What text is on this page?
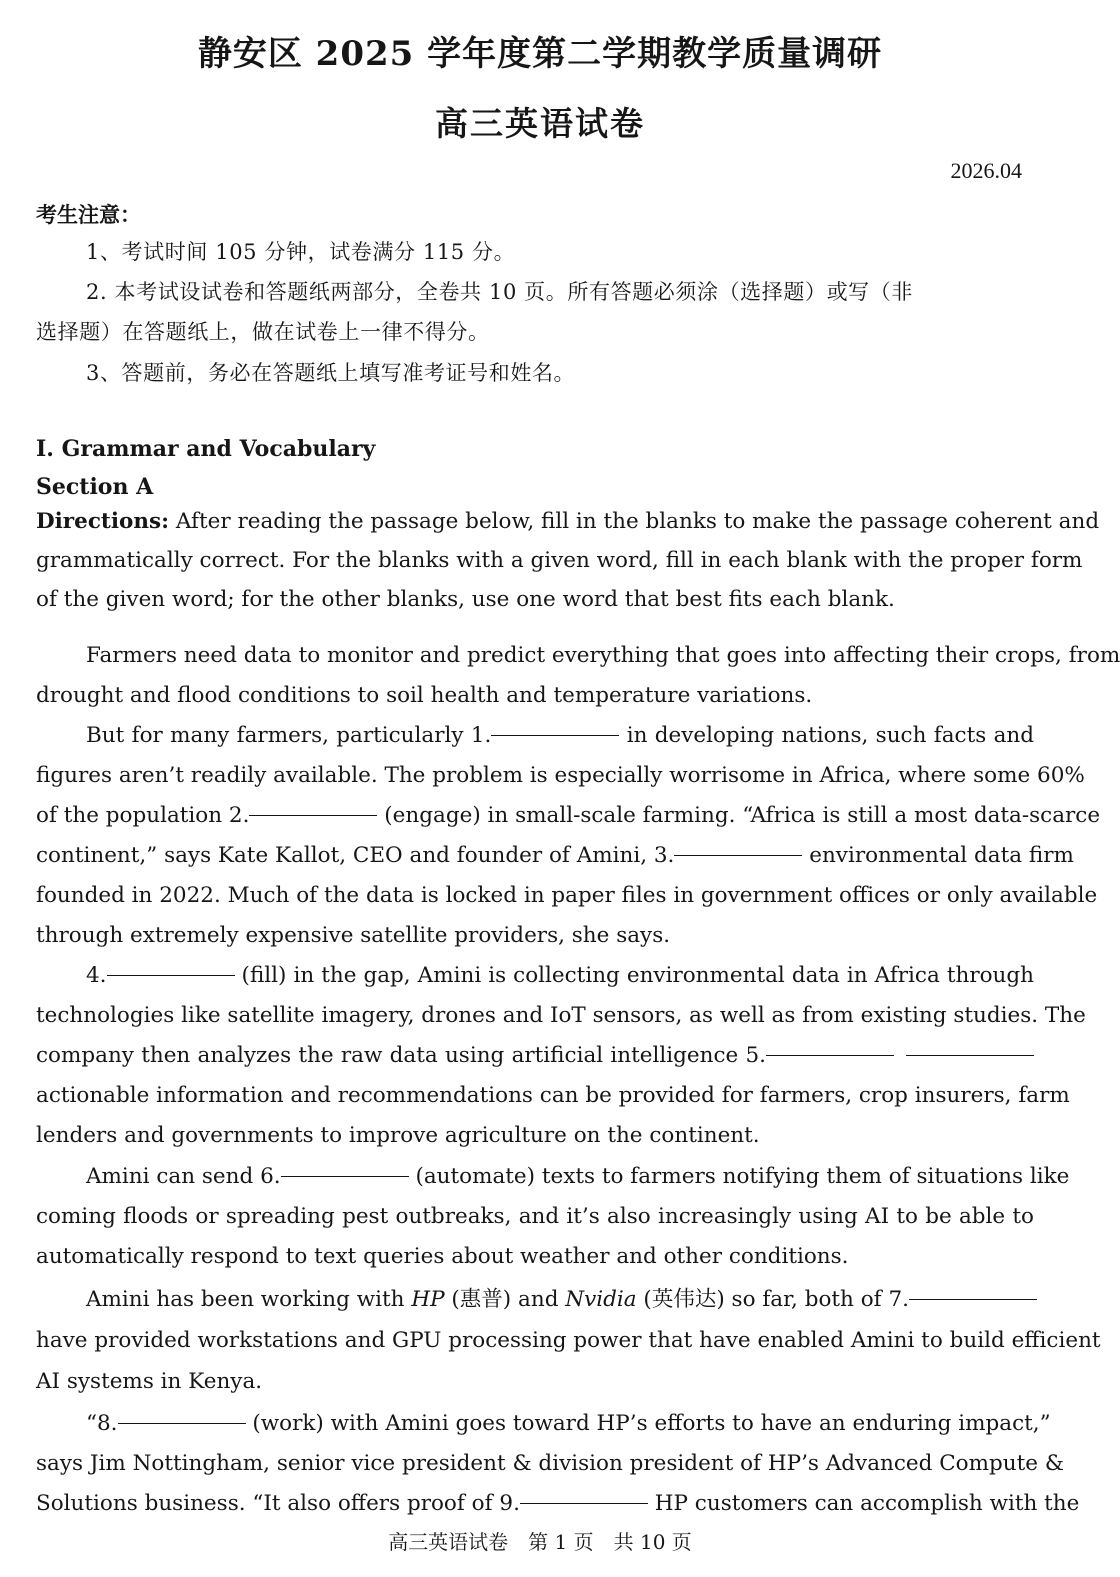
静安区 2025 学年度第二学期教学质量调研
高三英语试卷
2026.04
考生注意：
1、考试时间 105 分钟，试卷满分 115 分。
2. 本考试设试卷和答题纸两部分，全卷共 10 页。所有答题必须涂（选择题）或写（非
选择题）在答题纸上，做在试卷上一律不得分。
3、答题前，务必在答题纸上填写准考证号和姓名。
I. Grammar and Vocabulary
Section A
Directions: After reading the passage below, fill in the blanks to make the passage coherent and
grammatically correct. For the blanks with a given word, fill in each blank with the proper form
of the given word; for the other blanks, use one word that best fits each blank.
Farmers need data to monitor and predict everything that goes into affecting their crops, from
drought and flood conditions to soil health and temperature variations.
But for many farmers, particularly 1.	in developing nations, such facts and
figures aren’t readily available. The problem is especially worrisome in Africa, where some 60%
of the population 2.	(engage) in small-scale farming. “Africa is still a most data-scarce
continent,” says Kate Kallot, CEO and founder of Amini, 3.	environmental data firm
founded in 2022. Much of the data is locked in paper files in government offices or only available
through extremely expensive satellite providers, she says.
4.	(fill) in the gap, Amini is collecting environmental data in Africa through
technologies like satellite imagery, drones and IoT sensors, as well as from existing studies. The
company then analyzes the raw data using artificial intelligence 5.
actionable information and recommendations can be provided for farmers, crop insurers, farm
lenders and governments to improve agriculture on the continent.
Amini can send 6.	(automate) texts to farmers notifying them of situations like
coming floods or spreading pest outbreaks, and it’s also increasingly using AI to be able to
automatically respond to text queries about weather and other conditions.
Amini has been working with HP (惠普) and Nvidia (英伟达) so far, both of 7.
have provided workstations and GPU processing power that have enabled Amini to build efficient
AI systems in Kenya.
“8.	(work) with Amini goes toward HP’s efforts to have an enduring impact,”
says Jim Nottingham, senior vice president & division president of HP’s Advanced Compute &
Solutions business. “It also offers proof of 9.	HP customers can accomplish with the
高三英语试卷　第 1 页　共 10 页
